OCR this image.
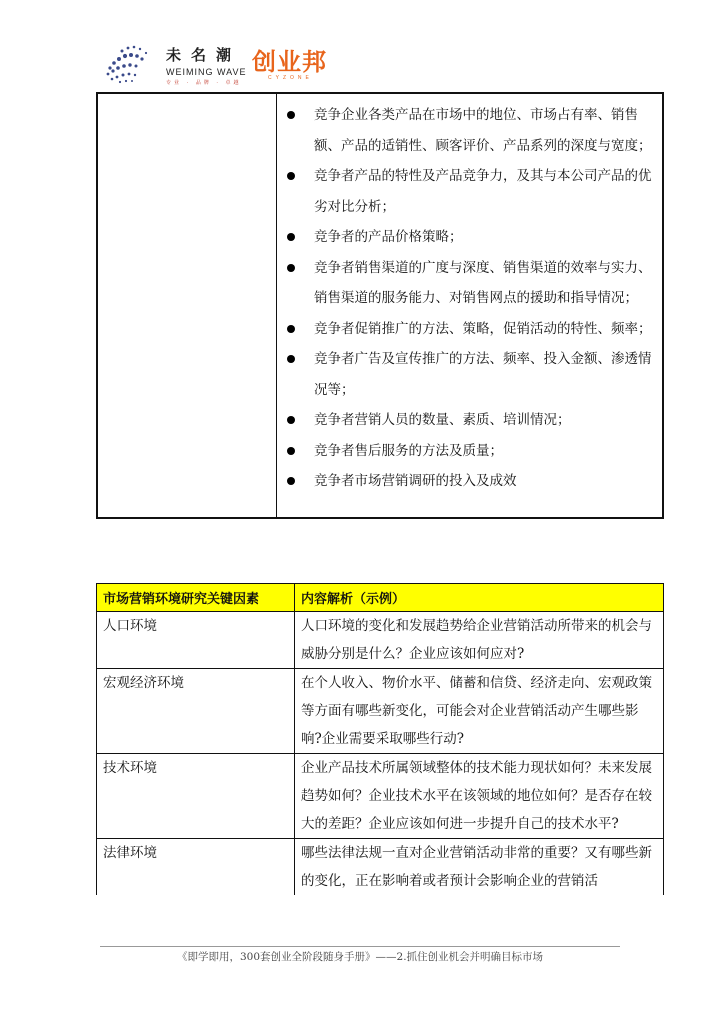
未名潮
WEIMING WAVE
专业 · 品牌 · 卓越
创业邦
CYZONE
竞争企业各类产品在市场中的地位、市场占有率、销售额、产品的适销性、顾客评价、产品系列的深度与宽度；
竞争者产品的特性及产品竞争力，及其与本公司产品的优劣对比分析；
竞争者的产品价格策略；
竞争者销售渠道的广度与深度、销售渠道的效率与实力、销售渠道的服务能力、对销售网点的援助和指导情况；
竞争者促销推广的方法、策略，促销活动的特性、频率；
竞争者广告及宣传推广的方法、频率、投入金额、渗透情况等；
竞争者营销人员的数量、素质、培训情况；
竞争者售后服务的方法及质量；
竞争者市场营销调研的投入及成效
市场营销环境研究关键因素	内容解析（示例）
人口环境	人口环境的变化和发展趋势给企业营销活动所带来的机会与威胁分别是什么？企业应该如何应对?
宏观经济环境	在个人收入、物价水平、储蓄和信贷、经济走向、宏观政策等方面有哪些新变化，可能会对企业营销活动产生哪些影响?企业需要采取哪些行动?
技术环境	企业产品技术所属领域整体的技术能力现状如何？未来发展趋势如何？企业技术水平在该领域的地位如何？是否存在较大的差距？企业应该如何进一步提升自己的技术水平?
法律环境	哪些法律法规一直对企业营销活动非常的重要？又有哪些新的变化，正在影响着或者预计会影响企业的营销活
《即学即用，300套创业全阶段随身手册》——2.抓住创业机会并明确目标市场
